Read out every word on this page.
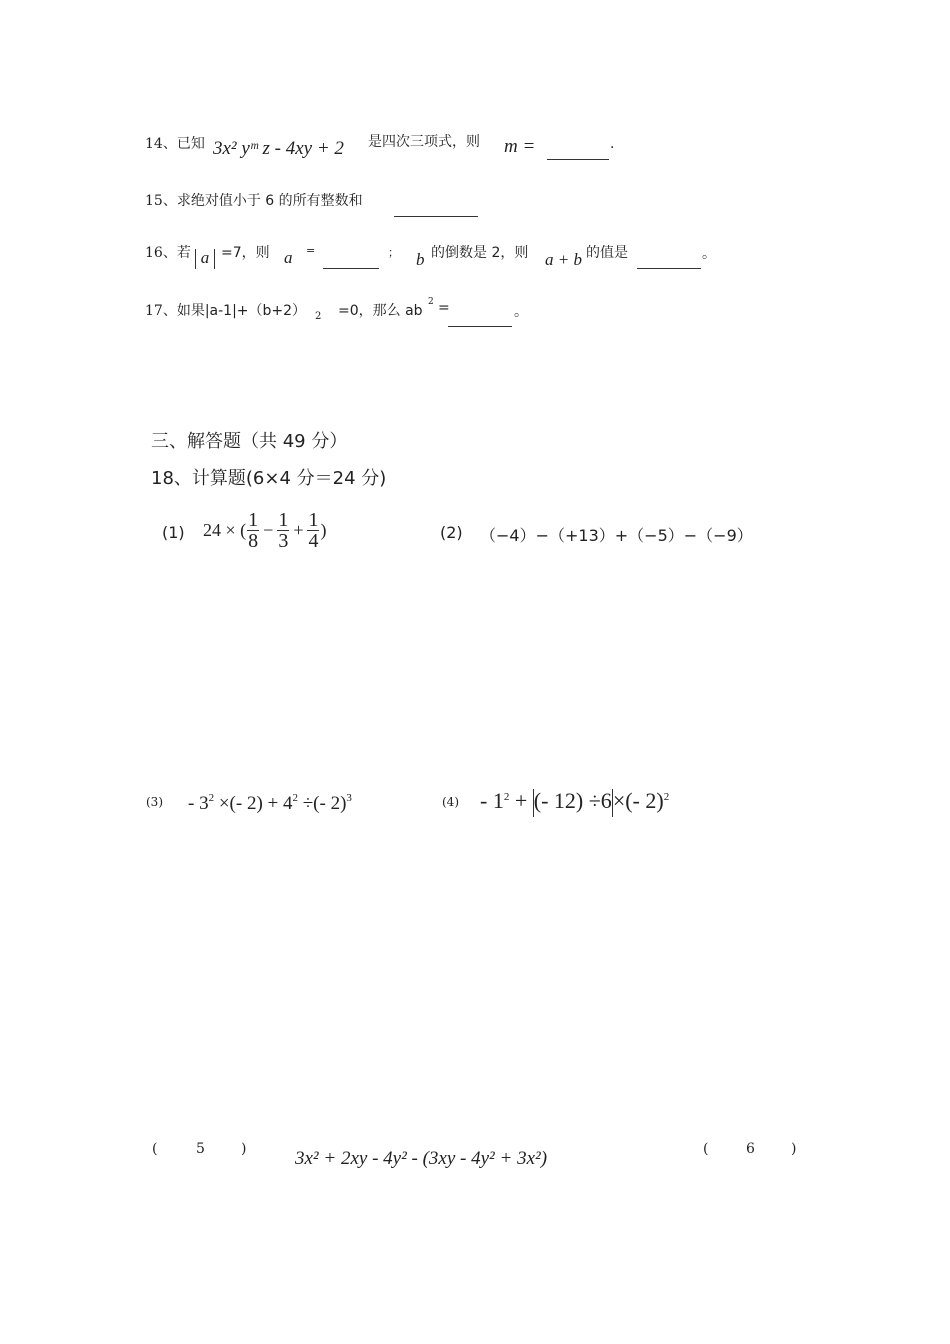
14、已知 3x² yᵐ z - 4xy + 2 是四次三项式，则 m =	.
15、求绝对值小于 6 的所有整数和
16、若 a =7，则 a =	； b 的倒数是 2，则 a + b 的值是	。
17、如果|a-1|+（b+2） 2 =0，那么 ab
2 =	。
三、解答题（共 49 分）
18、计算题(6×4 分＝24 分)
(1) 24 × ( $\frac{1}{8} - \frac{1}{3} + \frac{1}{4}$ )	(2) （−4）−（+13）+（−5）−（−9）
$(3) - 3^2$ ×(- $2) + 4^2$ ÷(- 2)$^3$	$(4) - 1^2$ + (- 12) ÷6×(- 2)$^2$
(	5	)	3x² + 2xy - 4y² - (3xy - 4y² + 3x²)	(	6	)
